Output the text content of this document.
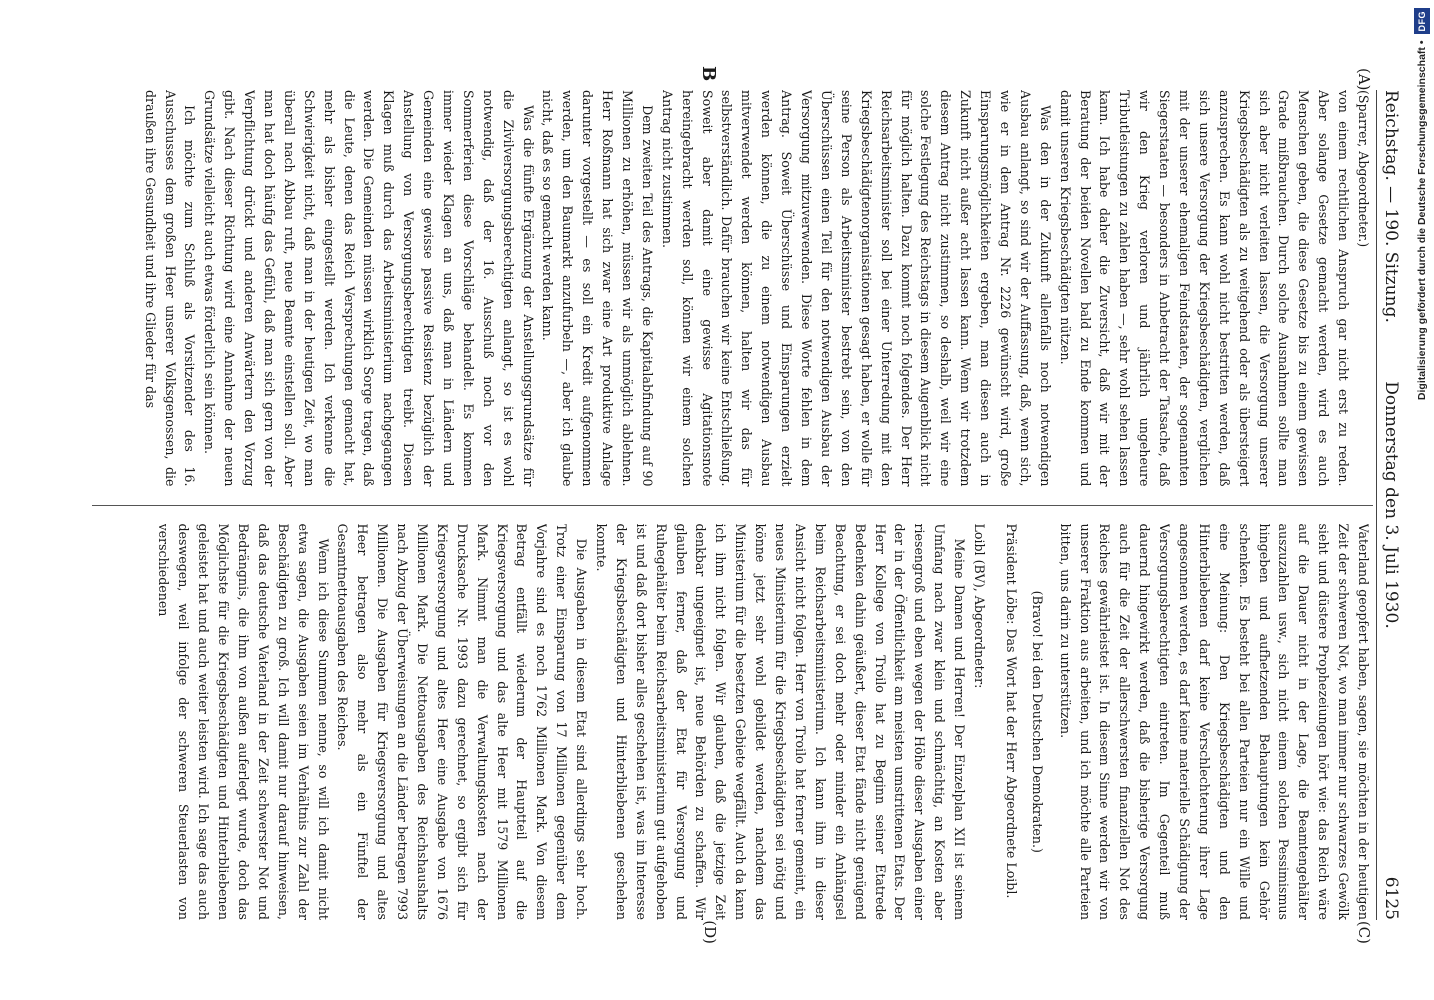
Reichstag. — 190. Sitzung.
Donnerstag den 3. Juli 1930.
6125
(A)
B
(C)
(D)

(Sparrer, Abgeordneter.)

von einem rechtlichen Anspruch gar nicht erst zu reden. Aber solange Gesetze gemacht werden, wird es auch Menschen geben, die diese Gesetze bis zu einem gewissen Grade mißbrauchen. Durch solche Ausnahmen sollte man sich aber nicht verleiten lassen, die Versorgung unserer Kriegsbeschädigten als zu weitgehend oder als übersteigert anzusprechen. Es kann wohl nicht bestritten werden, daß sich unsere Versorgung der Kriegsbeschädigten, verglichen mit der unserer ehemaligen Feindstaaten, der sogenannten Siegerstaaten — besonders in Anbetracht der Tatsache, daß wir den Krieg verloren und jährlich ungeheure Tributleistungen zu zahlen haben —, sehr wohl sehen lassen kann. Ich habe daher die Zuversicht, daß wir mit der Beratung der beiden Novellen bald zu Ende kommen und damit unseren Kriegsbeschädigten nützen.

Was den in der Zukunft allenfalls noch notwendigen Ausbau anlangt, so sind wir der Auffassung, daß, wenn sich, wie er in dem Antrag Nr. 2226 gewünscht wird, große Einsparungsmöglichkeiten ergeben, man diesen auch in Zukunft nicht außer acht lassen kann. Wenn wir trotzdem diesem Antrag nicht zustimmen, so deshalb, weil wir eine solche Festlegung des Reichstags in diesem Augenblick nicht für möglich halten. Dazu kommt noch folgendes. Der Herr Reichsarbeitsminister soll bei einer Unterredung mit den Kriegsbeschädigtenorganisationen gesagt haben, er wolle für seine Person als Arbeitsminister bestrebt sein, von den Überschüssen einen Teil für den notwendigen Ausbau der Versorgung mitzuverwenden. Diese Worte fehlen in dem Antrag. Soweit Überschüsse und Einsparungen erzielt werden können, die zu einem notwendigen Ausbau mitverwendet werden können, halten wir das für selbstverständlich. Dafür brauchen wir keine Entschließung. Soweit aber damit eine gewisse Agitationsnote hereingebracht werden soll, können wir einem solchen Antrag nicht zustimmen.

Dem zweiten Teil des Antrags, die Kapitalabfindung auf 90 Millionen zu erhöhen, müssen wir als unmöglich ablehnen. Herr Roßmann hat sich zwar eine Art produktive Anlage darunter vorgestellt — es soll ein Kredit aufgenommen werden, um den Baumarkt anzufurbeln —, aber ich glaube nicht, daß es so gemacht werden kann.

Was die fünfte Ergänzung der Anstellungsgrundsätze für die Zivilversorgungsberechtigten anlangt, so ist es wohl notwendig, daß der 16. Ausschuß noch vor den Sommerferien diese Vorschläge behandelt. Es kommen immer wieder Klagen an uns, daß man in Ländern und Gemeinden eine gewisse passive Resistenz bezüglich der Anstellung von Versorgungsberechtigten treibt. Diesen Klagen muß durch das Arbeitsministerium nachgegangen werden. Die Gemeinden müssen wirklich Sorge tragen, daß die Leute, denen das Reich Versprechungen gemacht hat, mehr als bisher eingestellt werden. Ich verkenne die Schwierigkeit nicht, daß man in der heutigen Zeit, wo man überall nach Abbau ruft, neue Beamte einstellen soll. Aber man hat doch häufig das Gefühl, daß man sich gern von der Verpflichtung drückt und anderen Anwärtern den Vorzug gibt. Nach dieser Richtung wird eine Annahme der neuen Grundsätze vielleicht auch etwas förderlich sein können.

Ich möchte zum Schluß als Vorsitzender des 16. Ausschusses dem großen Heer unserer Volksgenossen, die draußen ihre Gesundheit und ihre Glieder für das

Vaterland geopfert haben, sagen, sie möchten in der heutigen Zeit der schweren Not, wo man immer nur schwarzes Gewölk sieht und düstere Prophezeiungen hört wie: das Reich wäre auf die Dauer nicht in der Lage, die Beamtengehälter auszuzahlen usw., sich nicht einem solchen Pessimismus hingeben und aufhetzenden Behauptungen kein Gehör schenken. Es besteht bei allen Parteien nur ein Wille und eine Meinung: Den Kriegsbeschädigten und den Hinterbliebenen darf keine Verschlechterung ihrer Lage angesonnen werden, es darf keine materielle Schädigung der Versorgungsberechtigten eintreten. Im Gegenteil muß dauernd hingewirkt werden, daß die bisherige Versorgung auch für die Zeit der allerschwersten finanziellen Not des Reiches gewährleistet ist. In diesem Sinne werden wir von unserer Fraktion aus arbeiten, und ich möchte alle Parteien bitten, uns darin zu unterstützen.

(Bravo! bei den Deutschen Demokraten.)

Präsident Löbe: Das Wort hat der Herr Abgeordnete Loibl.

Loibl (BV), Abgeordneter:

Meine Damen und Herren! Der Einzelplan XII ist seinem Umfang nach zwar klein und schmächtig, an Kosten aber riesengroß und eben wegen der Höhe dieser Ausgaben einer der in der Öffentlichkeit am meisten umstrittenen Etats. Der Herr Kollege von Troilo hat zu Beginn seiner Etatrede Bedenken dahin geäußert, dieser Etat fände nicht genügend Beachtung, er sei doch mehr oder minder ein Anhängsel beim Reichsarbeitsministerium. Ich kann ihm in dieser Ansicht nicht folgen. Herr von Troilo hat ferner gemeint, ein neues Ministerium für die Kriegsbeschädigten sei nötig und könne jetzt sehr wohl gebildet werden, nachdem das Ministerium für die besetzten Gebiete wegfällt. Auch da kann ich ihm nicht folgen. Wir glauben, daß die jetzige Zeit denkbar ungeeignet ist, neue Behörden zu schaffen. Wir glauben ferner, daß der Etat für Versorgung und Ruhegehälter beim Reichsarbeitsministerium gut aufgehoben ist und daß dort bisher alles geschehen ist, was im Interesse der Kriegsbeschädigten und Hinterbliebenen geschehen konnte.

Die Ausgaben in diesem Etat sind allerdings sehr hoch. Trotz einer Einsparung von 17 Millionen gegenüber dem Vorjahre sind es noch 1762 Millionen Mark. Von diesem Betrag entfällt wiederum der Hauptteil auf die Kriegsversorgung und das alte Heer mit 1579 Millionen Mark. Nimmt man die Verwaltungskosten nach der Drucksache Nr. 1993 dazu gerechnet, so ergibt sich für Kriegsversorgung und altes Heer eine Ausgabe von 1676 Millionen Mark. Die Nettoausgaben des Reichshaushalts nach Abzug der Überweisungen an die Länder betragen 7993 Millionen. Die Ausgaben für Kriegsversorgung und altes Heer betragen also mehr als ein Fünftel der Gesamtnettoausgaben des Reiches.

Wenn ich diese Summen nenne, so will ich damit nicht etwa sagen, die Ausgaben seien im Verhältnis zur Zahl der Beschädigten zu groß. Ich will damit nur darauf hinweisen, daß das deutsche Vaterland in der Zeit schwerster Not und Bedrängnis, die ihm von außen auferlegt wurde, doch das Möglichste für die Kriegsbeschädigten und Hinterbliebenen geleistet hat und auch weiter leisten wird. Ich sage das auch deswegen, weil infolge der schweren Steuerlasten von verschiedenen

Digitalisierung gefördert durch die Deutsche Forschungsgemeinschaft •
DFG
